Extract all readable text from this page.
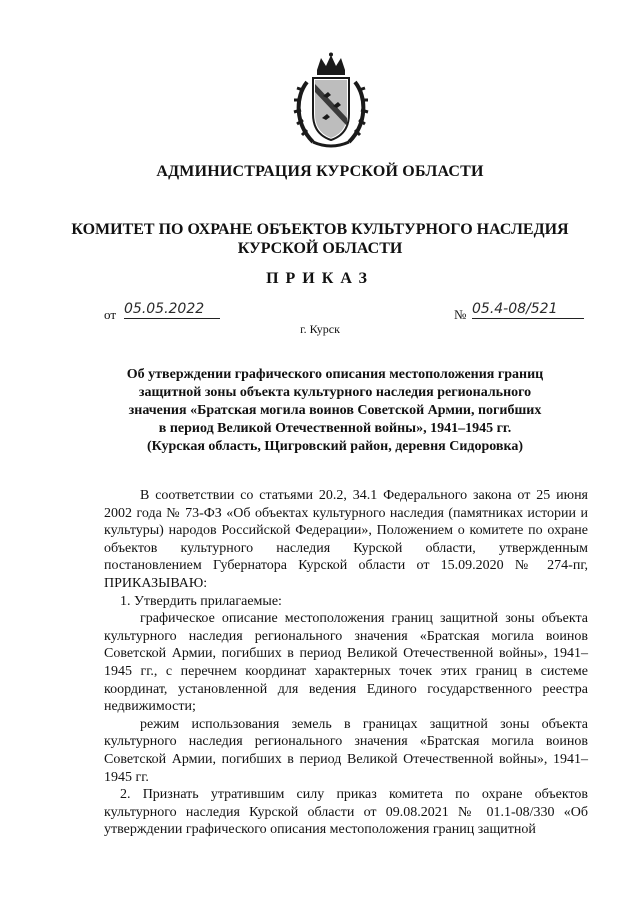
АДМИНИСТРАЦИЯ КУРСКОЙ ОБЛАСТИ
КОМИТЕТ ПО ОХРАНЕ ОБЪЕКТОВ КУЛЬТУРНОГО НАСЛЕДИЯ
КУРСКОЙ ОБЛАСТИ
ПРИКАЗ
от 05.05.2022	№ 05.4-08/521
г. Курск
Об утверждении графического описания местоположения границ
защитной зоны объекта культурного наследия регионального
значения «Братская могила воинов Советской Армии, погибших
в период Великой Отечественной войны», 1941–1945 гг.
(Курская область, Щигровский район, деревня Сидоровка)

В соответствии со статьями 20.2, 34.1 Федерального закона от 25 июня 2002 года № 73-ФЗ «Об объектах культурного наследия (памятниках истории и культуры) народов Российской Федерации», Положением о комитете по охране объектов культурного наследия Курской области, утвержденным постановлением Губернатора Курской области от 15.09.2020 № 274-пг, ПРИКАЗЫВАЮ:

1. Утвердить прилагаемые:

графическое описание местоположения границ защитной зоны объекта культурного наследия регионального значения «Братская могила воинов Советской Армии, погибших в период Великой Отечественной войны», 1941–1945 гг., с перечнем координат характерных точек этих границ в системе координат, установленной для ведения Единого государственного реестра недвижимости;

режим использования земель в границах защитной зоны объекта культурного наследия регионального значения «Братская могила воинов Советской Армии, погибших в период Великой Отечественной войны», 1941–1945 гг.

2. Признать утратившим силу приказ комитета по охране объектов культурного наследия Курской области от 09.08.2021 № 01.1-08/330 «Об утверждении графического описания местоположения границ защитной
